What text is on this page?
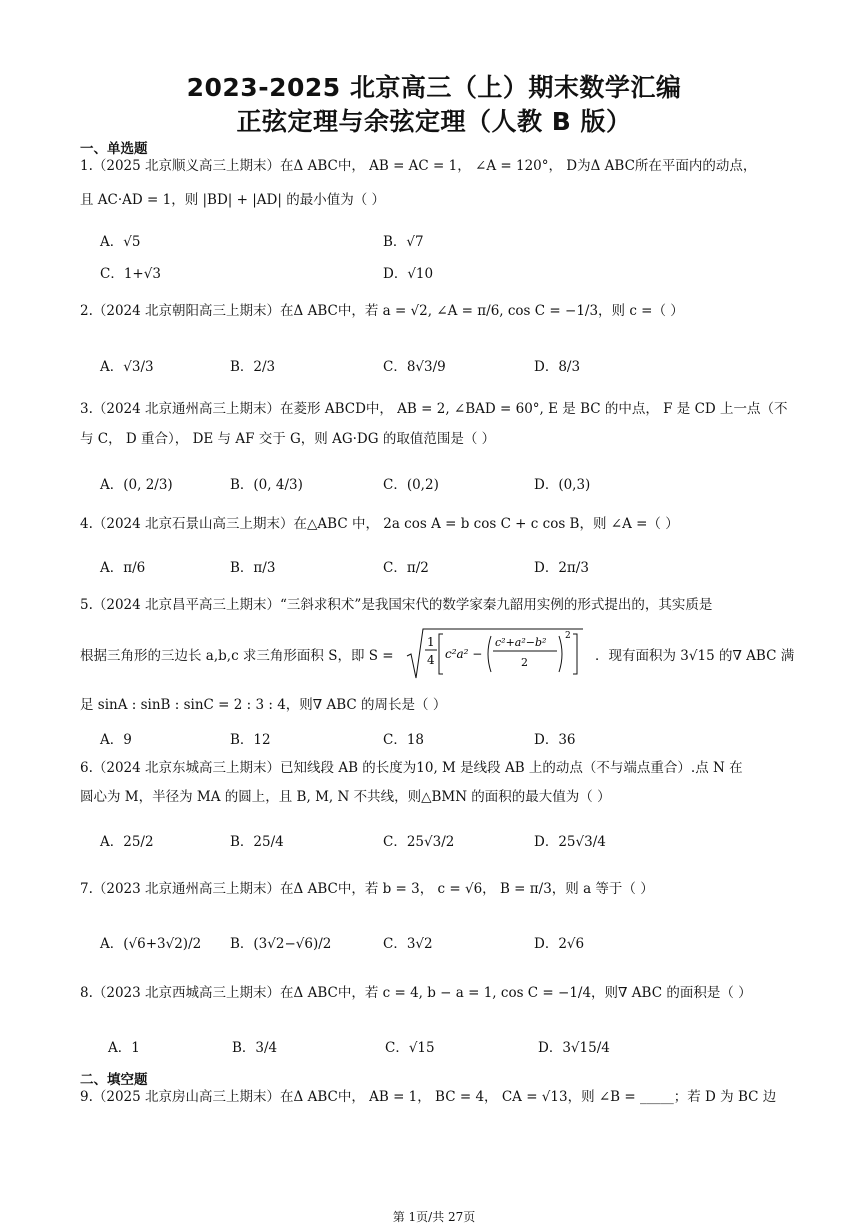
2023-2025 北京高三（上）期末数学汇编
正弦定理与余弦定理（人教 B 版）
一、单选题
1.（2025 北京顺义高三上期末）在Δ ABC中， AB = AC = 1， ∠A = 120°， D为Δ ABC所在平面内的动点，
且 AC·AD = 1，则 |BD| + |AD| 的最小值为（ ）
A．√5	B．√7
C．1+√3	D．√10
2.（2024 北京朝阳高三上期末）在Δ ABC中，若 a = √2, ∠A = π/6, cos C = −1/3，则 c =（ ）
A．√3/3	B．2/3	C．8√3/9	D．8/3
3.（2024 北京通州高三上期末）在菱形 ABCD中， AB = 2, ∠BAD = 60°, E 是 BC 的中点， F 是 CD 上一点（不
与 C， D 重合）， DE 与 AF 交于 G，则 AG·DG 的取值范围是（ ）
A．(0, 2/3)	B．(0, 4/3)	C．(0,2)	D．(0,3)
4.（2024 北京石景山高三上期末）在△ABC 中， 2a cos A = b cos C + c cos B，则 ∠A =（ ）
A．π/6	B．π/3	C．π/2	D．2π/3
5.（2024 北京昌平高三上期末）“三斜求积术”是我国宋代的数学家秦九韶用实例的形式提出的，其实质是
根据三角形的三边长 a,b,c 求三角形面积 S，即 S =
1
4 c²a² −
c²+a²−b²
2
2
．现有面积为 3√15 的∇ ABC 满
足 sinA : sinB : sinC = 2 : 3 : 4，则∇ ABC 的周长是（ ）
A．9	B．12	C．18	D．36
6.（2024 北京东城高三上期末）已知线段 AB 的长度为10, M 是线段 AB 上的动点（不与端点重合）.点 N 在
圆心为 M，半径为 MA 的圆上，且 B, M, N 不共线，则△BMN 的面积的最大值为（ ）
A．25/2	B．25/4	C．25√3/2	D．25√3/4
7.（2023 北京通州高三上期末）在Δ ABC中，若 b = 3， c = √6， B = π/3，则 a 等于（ ）
A．(√6+3√2)/2 B．(3√2−√6)/2	C．3√2	D．2√6
8.（2023 北京西城高三上期末）在Δ ABC中，若 c = 4, b − a = 1, cos C = −1/4，则∇ ABC 的面积是（ ）
A．1	B．3/4	C．√15	D．3√15/4
二、填空题
9.（2025 北京房山高三上期末）在Δ ABC中， AB = 1， BC = 4， CA = √13，则 ∠B = _____；若 D 为 BC 边
第 1页/共 27页
